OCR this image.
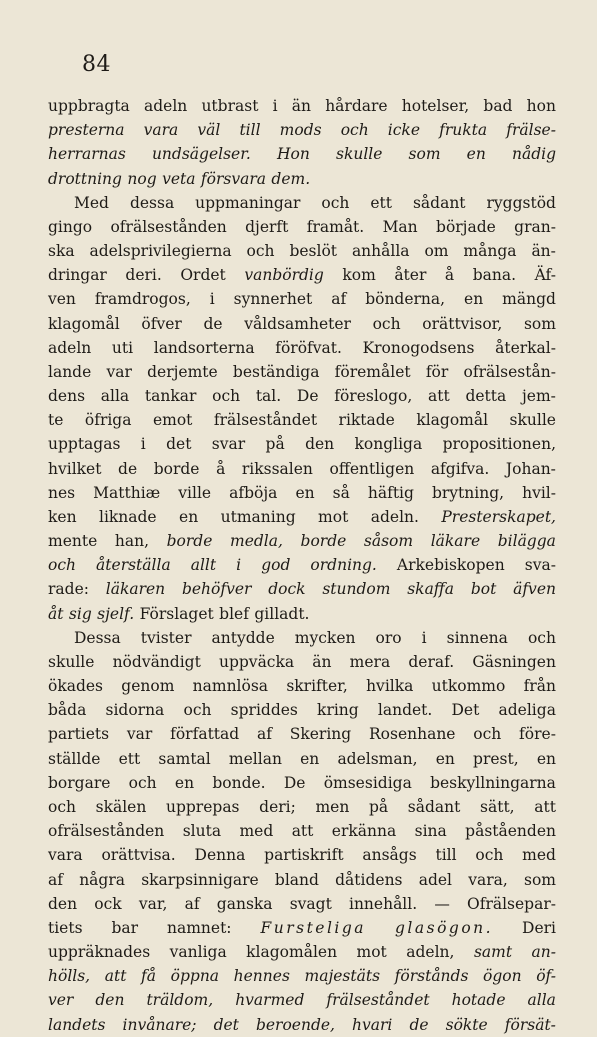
84
uppbragta adeln utbrast i än hårdare hotelser, bad hon
presterna vara väl till mods och icke frukta frälse-
herrarnas undsägelser. Hon skulle som en nådig
drottning nog veta försvara dem.
Med dessa uppmaningar och ett sådant ryggstöd
gingo ofrälsestånden djerft framåt. Man började gran-
ska adelsprivilegierna och beslöt anhålla om många än-
dringar deri. Ordet vanbördig kom åter å bana. Äf-
ven framdrogos, i synnerhet af bönderna, en mängd
klagomål öfver de våldsamheter och orättvisor, som
adeln uti landsorterna föröfvat. Kronogodsens återkal-
lande var derjemte beständiga föremålet för ofrälsestån-
dens alla tankar och tal. De föreslogo, att detta jem-
te öfriga emot frälseståndet riktade klagomål skulle
upptagas i det svar på den kongliga propositionen,
hvilket de borde å rikssalen offentligen afgifva. Johan-
nes Matthiæ ville afböja en så häftig brytning, hvil-
ken liknade en utmaning mot adeln. Presterskapet,
mente han, borde medla, borde såsom läkare bilägga
och återställa allt i god ordning. Arkebiskopen sva-
rade: läkaren behöfver dock stundom skaffa bot äfven
åt sig sjelf. Förslaget blef gilladt.
Dessa tvister antydde mycken oro i sinnena och
skulle nödvändigt uppväcka än mera deraf. Gäsningen
ökades genom namnlösa skrifter, hvilka utkommo från
båda sidorna och spriddes kring landet. Det adeliga
partiets var författad af Skering Rosenhane och före-
ställde ett samtal mellan en adelsman, en prest, en
borgare och en bonde. De ömsesidiga beskyllningarna
och skälen upprepas deri; men på sådant sätt, att
ofrälsestånden sluta med att erkänna sina påståenden
vara orättvisa. Denna partiskrift ansågs till och med
af några skarpsinnigare bland dåtidens adel vara, som
den ock var, af ganska svagt innehåll. — Ofrälsepar-
tiets bar namnet: Furstеliga glasögon. Deri
uppräknades vanliga klagomålen mot adeln, samt an-
hölls, att få öppna hennes majestäts förstånds ögon öf-
ver den träldom, hvarmed frälseståndet hotade alla
landets invånare; det beroende, hvari de sökte försät-
